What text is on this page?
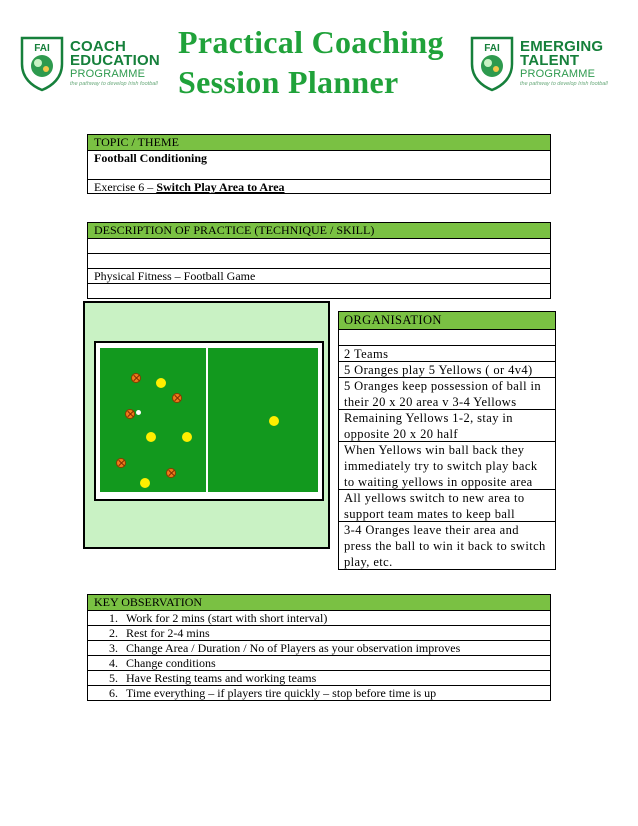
FAI COACH
EDUCATION
PROGRAMME
the pathway to develop Irish football
Practical Coaching
Session Planner
FAI EMERGING
TALENT
PROGRAMME
the pathway to develop Irish football
TOPIC / THEME
Football Conditioning
Exercise 6 – Switch Play Area to Area
DESCRIPTION OF PRACTICE (TECHNIQUE / SKILL)
Physical Fitness – Football Game
ORGANISATION
2 Teams
5 Oranges play 5 Yellows ( or 4v4)
5 Oranges keep possession of ball in their 20 x 20 area v 3-4 Yellows
Remaining Yellows 1-2, stay in opposite 20 x 20 half
When Yellows win ball back they immediately try to switch play back to waiting yellows in opposite area
All yellows switch to new area to support team mates to keep ball
3-4 Oranges leave their area and press the ball to win it back to switch play, etc.
KEY OBSERVATION
1. Work for 2 mins (start with short interval)
2. Rest for 2-4 mins
3. Change Area / Duration / No of Players as your observation improves
4. Change conditions
5. Have Resting teams and working teams
6. Time everything – if players tire quickly – stop before time is up
